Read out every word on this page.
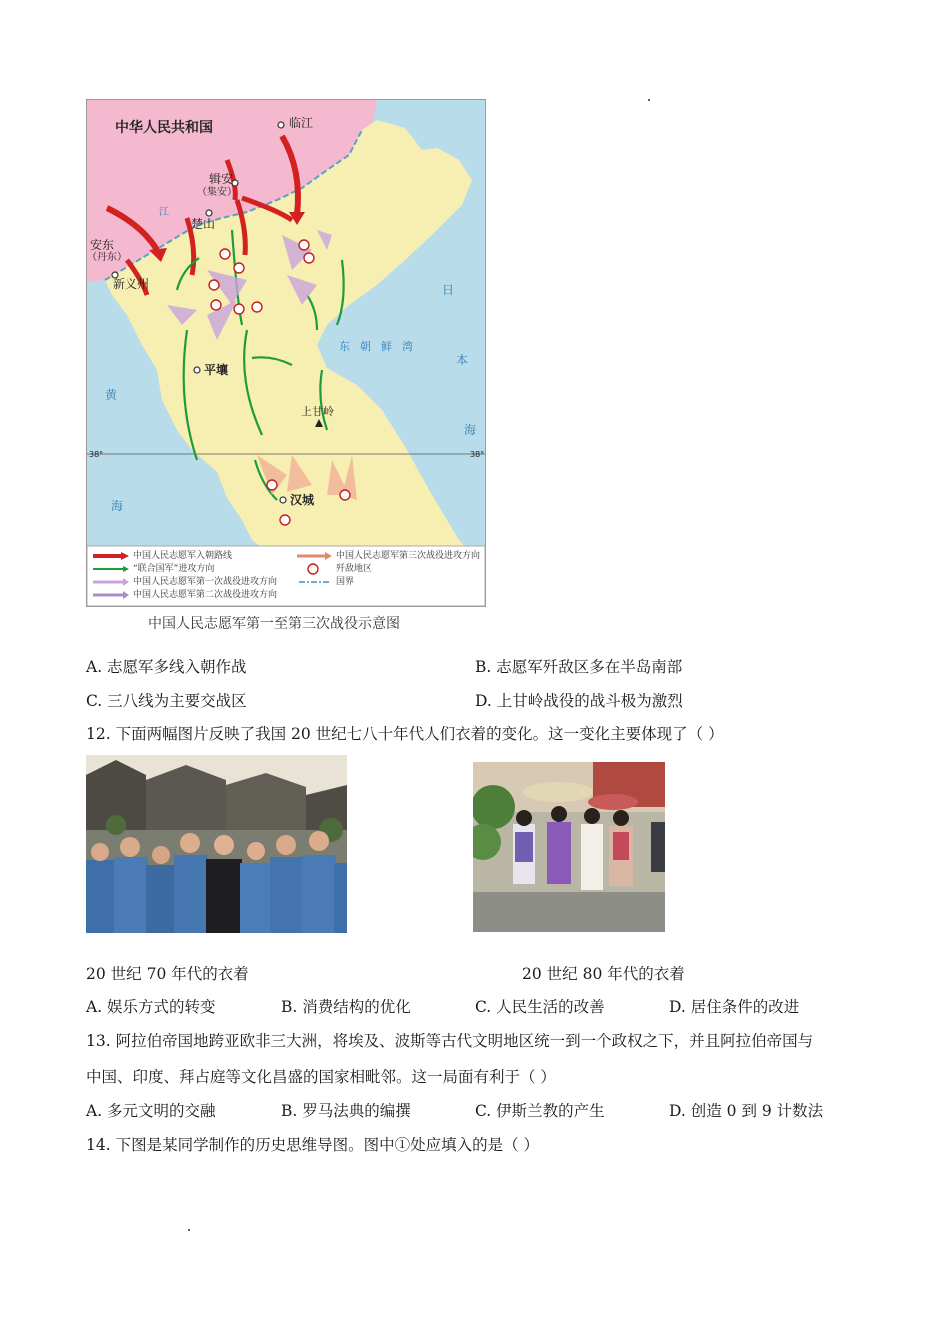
中华人民共和国	临江
辑安
（集安）
楚山
安东
（丹东）
新义州
平壤
上甘岭
汉城
日
本
海
黄
海
东朝鲜湾
江
38°	38°
中国人民志愿军入朝路线
“联合国军”进攻方向
中国人民志愿军第一次战役进攻方向
中国人民志愿军第二次战役进攻方向
中国人民志愿军第三次战役进攻方向
歼敌地区
国界
中国人民志愿军第一至第三次战役示意图
A. 志愿军多线入朝作战	B. 志愿军歼敌区多在半岛南部
C. 三八线为主要交战区	D. 上甘岭战役的战斗极为激烈
12. 下面两幅图片反映了我国 20 世纪七八十年代人们衣着的变化。这一变化主要体现了（ ）
20 世纪 70 年代的衣着	20 世纪 80 年代的衣着
A. 娱乐方式的转变	B. 消费结构的优化	C. 人民生活的改善	D. 居住条件的改进
13. 阿拉伯帝国地跨亚欧非三大洲，将埃及、波斯等古代文明地区统一到一个政权之下，并且阿拉伯帝国与
中国、印度、拜占庭等文化昌盛的国家相毗邻。这一局面有利于（ ）
A. 多元文明的交融	B. 罗马法典的编撰	C. 伊斯兰教的产生	D. 创造 0 到 9 计数法
14. 下图是某同学制作的历史思维导图。图中①处应填入的是（ ）
